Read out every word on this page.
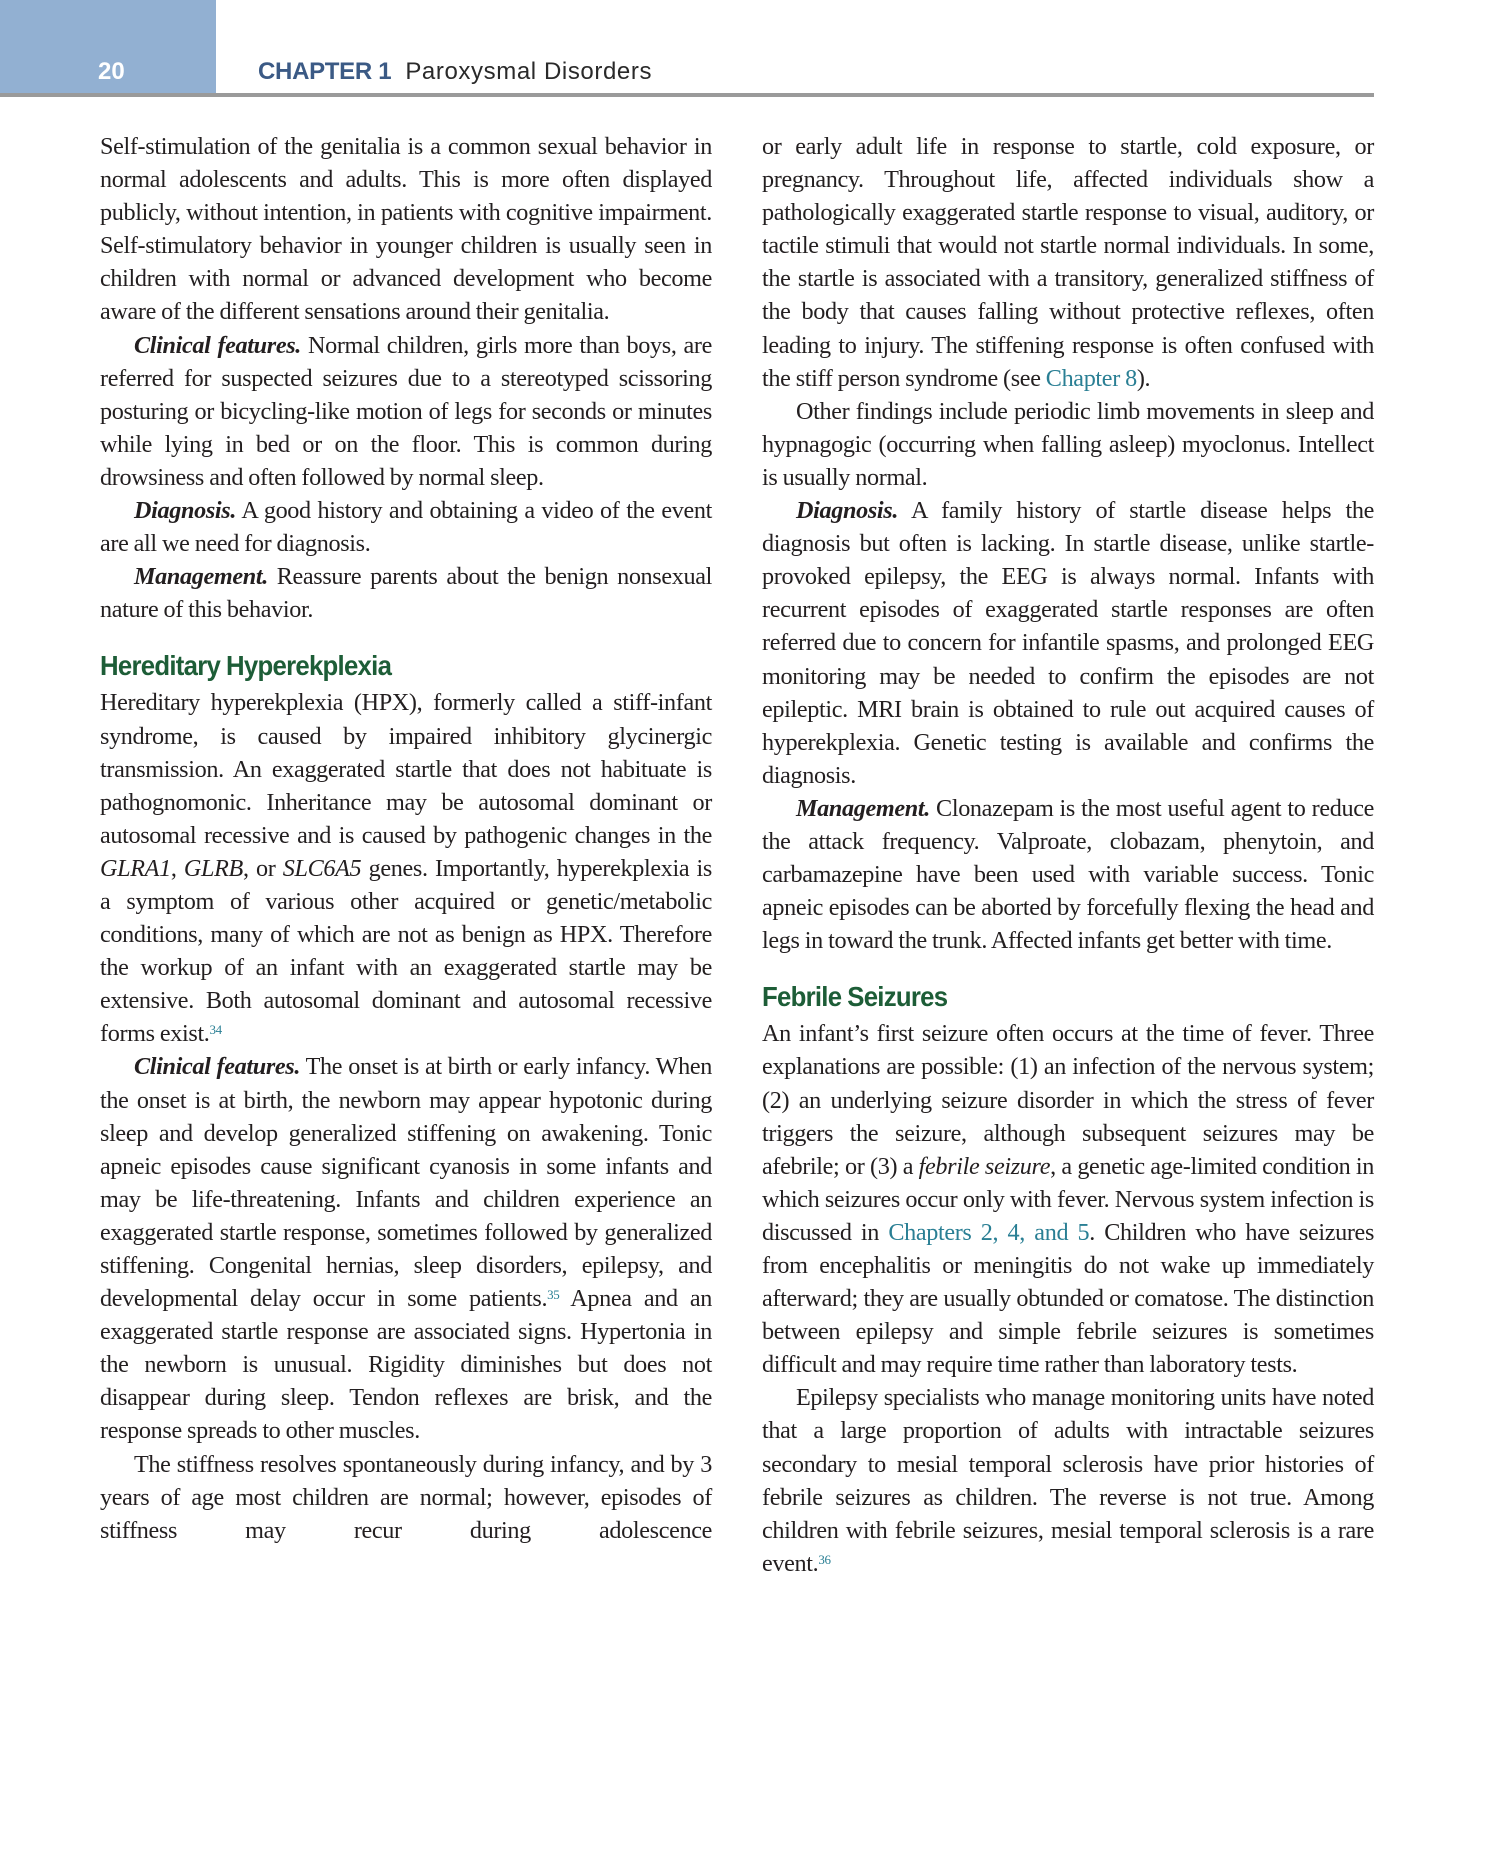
20	CHAPTER 1 Paroxysmal Disorders

Self-stimulation of the genitalia is a common sexual behavior in normal adolescents and adults. This is more often displayed publicly, without intention, in patients with cognitive impairment. Self-stimulatory behavior in younger children is usually seen in children with normal or advanced development who become aware of the different sensations around their genitalia.

Clinical features. Normal children, girls more than boys, are referred for suspected seizures due to a stereotyped scissoring posturing or bicycling-like motion of legs for seconds or minutes while lying in bed or on the floor. This is common during drowsiness and often followed by normal sleep.

Diagnosis. A good history and obtaining a video of the event are all we need for diagnosis.

Management. Reassure parents about the benign nonsexual nature of this behavior.

Hereditary Hyperekplexia

Hereditary hyperekplexia (HPX), formerly called a stiff-infant syndrome, is caused by impaired inhibitory glycinergic transmission. An exaggerated startle that does not habituate is pathognomonic. Inheritance may be autosomal dominant or autosomal recessive and is caused by pathogenic changes in the GLRA1, GLRB, or SLC6A5 genes. Importantly, hyperekplexia is a symptom of various other acquired or genetic/metabolic conditions, many of which are not as benign as HPX. Therefore the workup of an infant with an exaggerated startle may be extensive. Both autosomal dominant and autosomal recessive forms exist.$^{34}$

Clinical features. The onset is at birth or early infancy. When the onset is at birth, the newborn may appear hypotonic during sleep and develop generalized stiffening on awakening. Tonic apneic episodes cause significant cyanosis in some infants and may be life-threatening. Infants and children experience an exaggerated startle response, sometimes followed by generalized stiffening. Congenital hernias, sleep disorders, epilepsy, and developmental delay occur in some patients.$^{35}$ Apnea and an exaggerated startle response are associated signs. Hypertonia in the newborn is unusual. Rigidity diminishes but does not disappear during sleep. Tendon reflexes are brisk, and the response spreads to other muscles.

The stiffness resolves spontaneously during infancy, and by 3 years of age most children are normal; however, episodes of stiffness may recur during adolescence

or early adult life in response to startle, cold exposure, or pregnancy. Throughout life, affected individuals show a pathologically exaggerated startle response to visual, auditory, or tactile stimuli that would not startle normal individuals. In some, the startle is associated with a transitory, generalized stiffness of the body that causes falling without protective reflexes, often leading to injury. The stiffening response is often confused with the stiff person syndrome (see Chapter 8).

Other findings include periodic limb movements in sleep and hypnagogic (occurring when falling asleep) myoclonus. Intellect is usually normal.

Diagnosis. A family history of startle disease helps the diagnosis but often is lacking. In startle disease, unlike startle-provoked epilepsy, the EEG is always normal. Infants with recurrent episodes of exaggerated startle responses are often referred due to concern for infantile spasms, and prolonged EEG monitoring may be needed to confirm the episodes are not epileptic. MRI brain is obtained to rule out acquired causes of hyperekplexia. Genetic testing is available and confirms the diagnosis.

Management. Clonazepam is the most useful agent to reduce the attack frequency. Valproate, clobazam, phenytoin, and carbamazepine have been used with variable success. Tonic apneic episodes can be aborted by forcefully flexing the head and legs in toward the trunk. Affected infants get better with time.

Febrile Seizures

An infant’s first seizure often occurs at the time of fever. Three explanations are possible: (1) an infection of the nervous system; (2) an underlying seizure disorder in which the stress of fever triggers the seizure, although subsequent seizures may be afebrile; or (3) a febrile seizure, a genetic age-limited condition in which seizures occur only with fever. Nervous system infection is discussed in Chapters 2, 4, and 5. Children who have seizures from encephalitis or meningitis do not wake up immediately afterward; they are usually obtunded or comatose. The distinction between epilepsy and simple febrile seizures is sometimes difficult and may require time rather than laboratory tests.

Epilepsy specialists who manage monitoring units have noted that a large proportion of adults with intractable seizures secondary to mesial temporal sclerosis have prior histories of febrile seizures as children. The reverse is not true. Among children with febrile seizures, mesial temporal sclerosis is a rare event.$^{36}$
